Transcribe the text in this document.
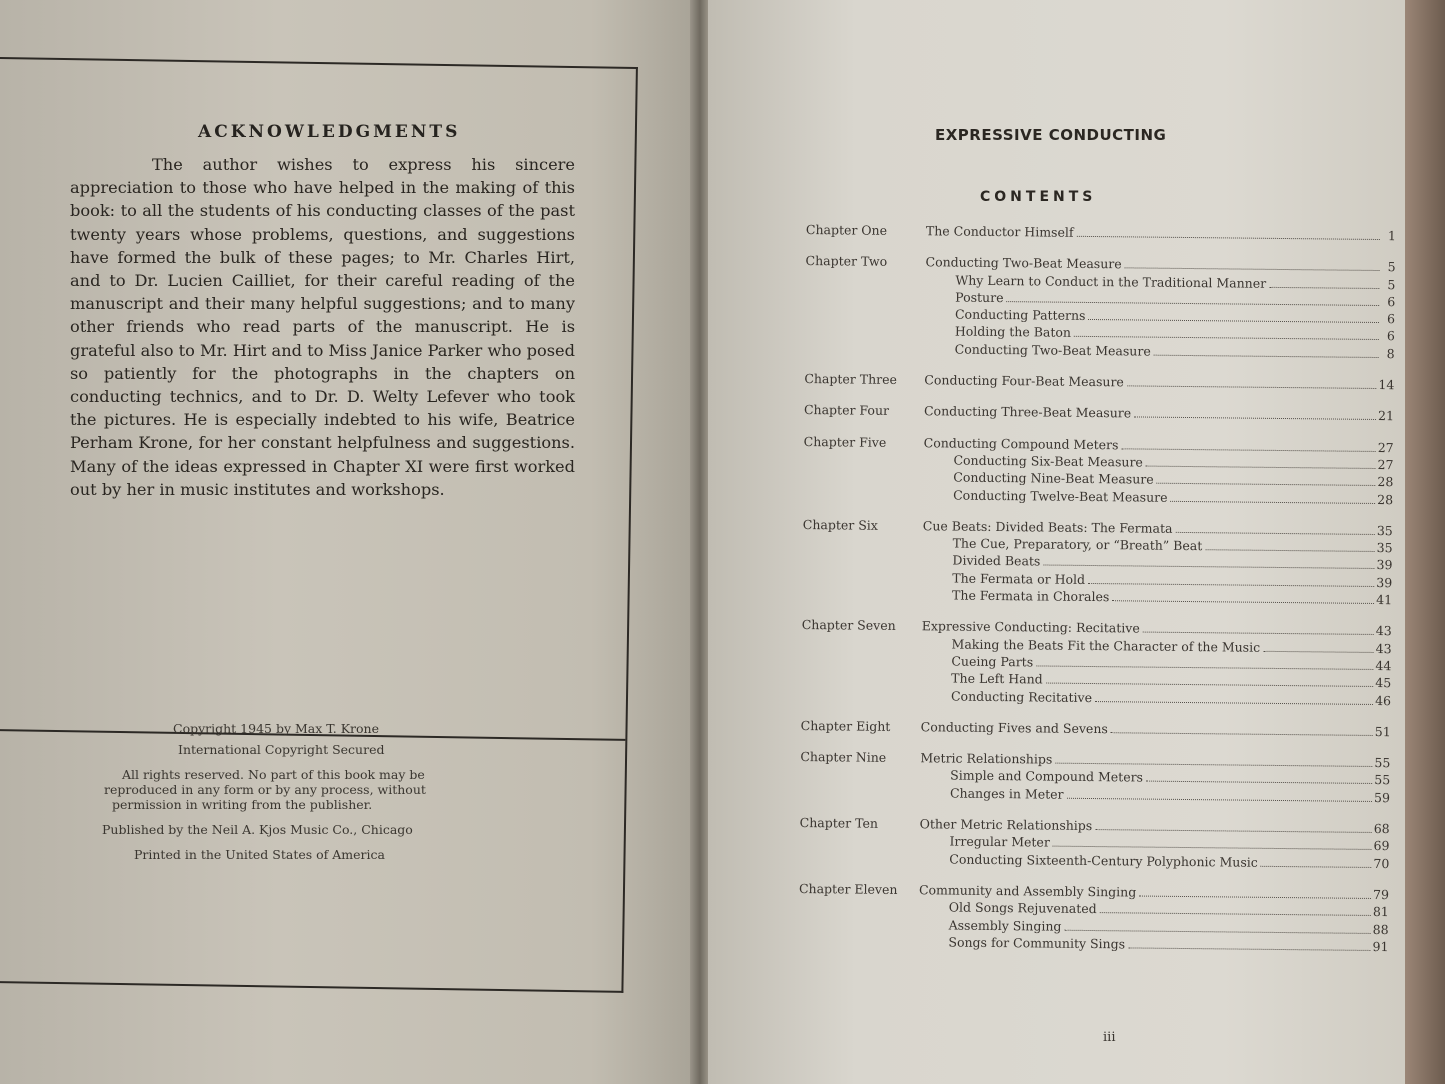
ACKNOWLEDGMENTS

The author wishes to express his sincere appreciation to those who have helped in the making of this book: to all the students of his conducting classes of the past twenty years whose problems, questions, and suggestions have formed the bulk of these pages; to Mr. Charles Hirt, and to Dr. Lucien Cailliet, for their careful reading of the manuscript and their many helpful suggestions; and to many other friends who read parts of the manuscript. He is grateful also to Mr. Hirt and to Miss Janice Parker who posed so patiently for the photographs in the chapters on conducting technics, and to Dr. D. Welty Lefever who took the pictures. He is especially indebted to his wife, Beatrice Perham Krone, for her constant helpfulness and suggestions. Many of the ideas expressed in Chapter XI were first worked out by her in music institutes and workshops.

Copyright 1945 by Max T. Krone
International Copyright Secured
All rights reserved. No part of this book may be
reproduced in any form or by any process, without
permission in writing from the publisher.
Published by the Neil A. Kjos Music Co., Chicago
Printed in the United States of America
EXPRESSIVE CONDUCTING
CONTENTS
Chapter One	The Conductor Himself	1
Chapter Two	Conducting Two-Beat Measure	5
Why Learn to Conduct in the Traditional Manner	5
Posture	6
Conducting Patterns	6
Holding the Baton	6
Conducting Two-Beat Measure	8
Chapter Three	Conducting Four-Beat Measure	14
Chapter Four	Conducting Three-Beat Measure	21
Chapter Five	Conducting Compound Meters	27
Conducting Six-Beat Measure	27
Conducting Nine-Beat Measure	28
Conducting Twelve-Beat Measure	28
Chapter Six	Cue Beats: Divided Beats: The Fermata	35
The Cue, Preparatory, or “Breath” Beat	35
Divided Beats	39
The Fermata or Hold	39
The Fermata in Chorales	41
Chapter Seven	Expressive Conducting: Recitative	43
Making the Beats Fit the Character of the Music	43
Cueing Parts	44
The Left Hand	45
Conducting Recitative	46
Chapter Eight	Conducting Fives and Sevens	51
Chapter Nine	Metric Relationships	55
Simple and Compound Meters	55
Changes in Meter	59
Chapter Ten	Other Metric Relationships	68
Irregular Meter	69
Conducting Sixteenth-Century Polyphonic Music	70
Chapter Eleven	Community and Assembly Singing	79
Old Songs Rejuvenated	81
Assembly Singing	88
Songs for Community Sings	91
iii
